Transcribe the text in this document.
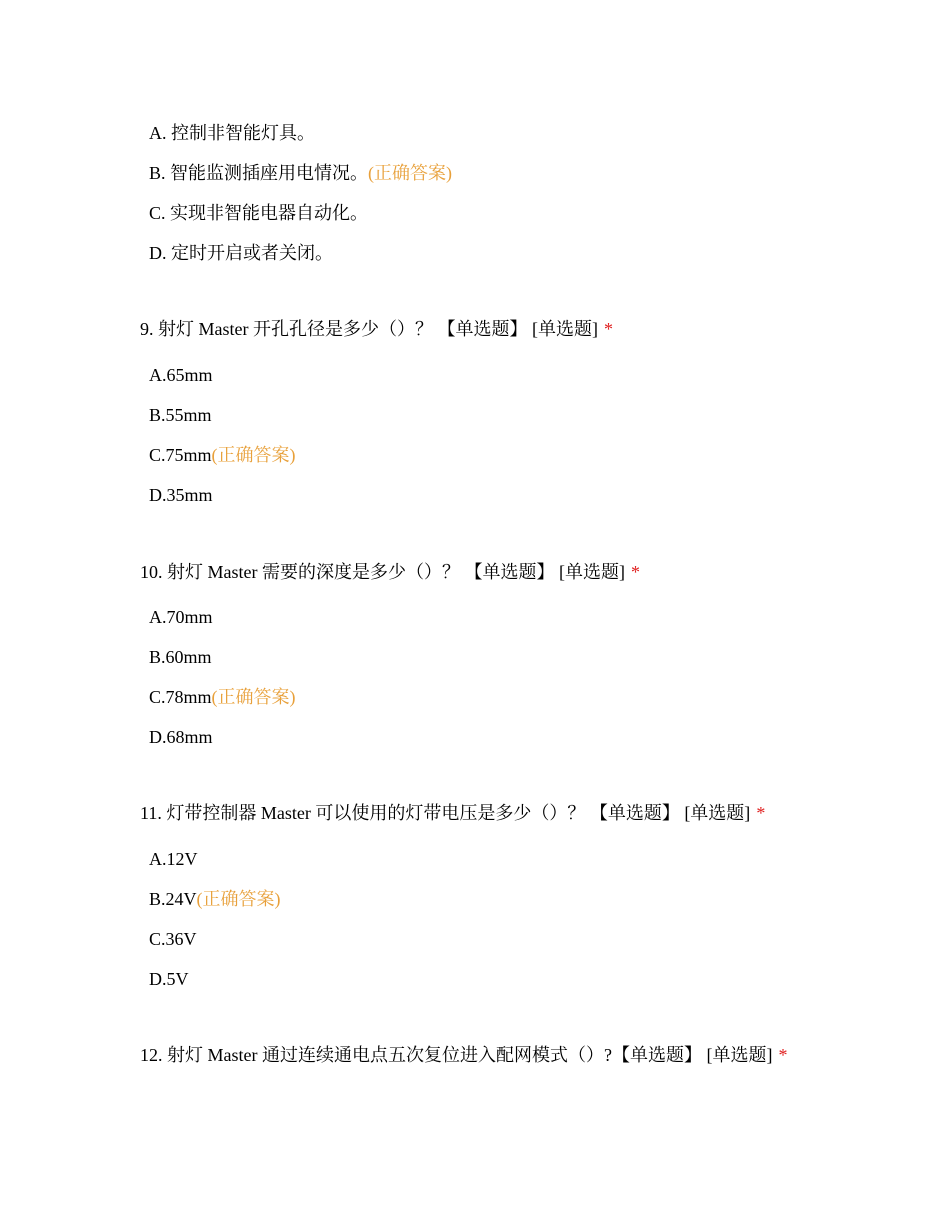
A. 控制非智能灯具。
B. 智能监测插座用电情况。(正确答案)
C. 实现非智能电器自动化。
D. 定时开启或者关闭。
9. 射灯 Master 开孔孔径是多少（）？ 【单选题】 [单选题] *
A.65mm
B.55mm
C.75mm(正确答案)
D.35mm
10. 射灯 Master 需要的深度是多少（）？ 【单选题】 [单选题] *
A.70mm
B.60mm
C.78mm(正确答案)
D.68mm
11. 灯带控制器 Master 可以使用的灯带电压是多少（）？ 【单选题】 [单选题] *
A.12V
B.24V(正确答案)
C.36V
D.5V
12. 射灯 Master 通过连续通电点五次复位进入配网模式（）?【单选题】 [单选题] *
